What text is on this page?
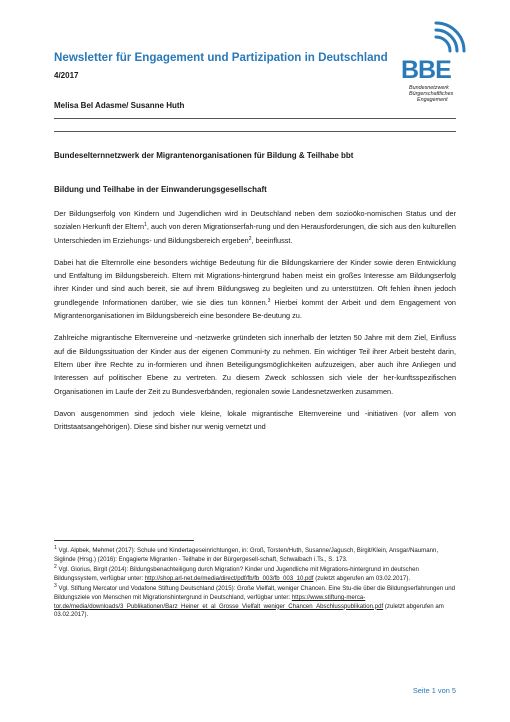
Newsletter für Engagement und Partizipation in Deutschland
4/2017	BBE
Bundesnetzwerk
Bürgerschaftliches
Engagement
Melisa Bel Adasme/ Susanne Huth
Bundeselternnetzwerk der Migrantenorganisationen für Bildung & Teilhabe bbt
Bildung und Teilhabe in der Einwanderungsgesellschaft

Der Bildungserfolg von Kindern und Jugendlichen wird in Deutschland neben dem sozioöko-nomischen Status und der sozialen Herkunft der Eltern$^1$, auch von deren Migrationserfah-rung und den Herausforderungen, die sich aus den kulturellen Unterschieden im Erziehungs- und Bildungsbereich ergeben$^2$, beeinflusst.

Dabei hat die Elternrolle eine besonders wichtige Bedeutung für die Bildungskarriere der Kinder sowie deren Entwicklung und Entfaltung im Bildungsbereich. Eltern mit Migrations-hintergrund haben meist ein großes Interesse am Bildungserfolg ihrer Kinder und sind auch bereit, sie auf ihrem Bildungsweg zu begleiten und zu unterstützen. Oft fehlen ihnen jedoch grundlegende Informationen darüber, wie sie dies tun können.$^3$ Hierbei kommt der Arbeit und dem Engagement von Migrantenorganisationen im Bildungsbereich eine besondere Be-deutung zu.

Zahlreiche migrantische Elternvereine und -netzwerke gründeten sich innerhalb der letzten 50 Jahre mit dem Ziel, Einfluss auf die Bildungssituation der Kinder aus der eigenen Communi-ty zu nehmen. Ein wichtiger Teil ihrer Arbeit besteht darin, Eltern über ihre Rechte zu in-formieren und ihnen Beteiligungsmöglichkeiten aufzuzeigen, aber auch ihre Anliegen und Interessen auf politischer Ebene zu vertreten. Zu diesem Zweck schlossen sich viele der her-kunftsspezifischen Organisationen im Laufe der Zeit zu Bundesverbänden, regionalen sowie Landesnetzwerken zusammen.

Davon ausgenommen sind jedoch viele kleine, lokale migrantische Elternvereine und -initiativen (vor allem von Drittstaatsangehörigen). Diese sind bisher nur wenig vernetzt und

$^1$ Vgl. Alpbek, Mehmet (2017): Schule und Kindertageseinrichtungen, in: Groß, Torsten/Huth, Susanne/Jagusch, Birgit/Klein, Ansgar/Naumann, Siglinde (Hrsg.) (2016): Engagierte Migranten - Teilhabe in der Bürgergesell-schaft, Schwalbach i.Ts., S. 173.

$^2$ Vgl. Giorius, Birgit (2014): Bildungsbenachteiligung durch Migration? Kinder und Jugendliche mit Migrations-hintergrund im deutschen Bildungssystem, verfügbar unter: http://shop.arl-net.de/media/direct/pdf/fb/fb_003/fb_003_10.pdf (zuletzt abgerufen am 03.02.2017).

$^3$ Vgl. Stiftung Mercator und Vodafone Stiftung Deutschland (2015): Große Vielfalt, weniger Chancen. Eine Stu-die über die Bildungserfahrungen und Bildungsziele von Menschen mit Migrationshintergrund in Deutschland, verfügbar unter: https://www.stiftung-merca-tor.de/media/downloads/3_Publikationen/Barz_Heiner_et_al_Grosse_Vielfalt_weniger_Chancen_Abschlusspublikation.pdf (zuletzt abgerufen am 03.02.2017).

Seite 1 von 5
